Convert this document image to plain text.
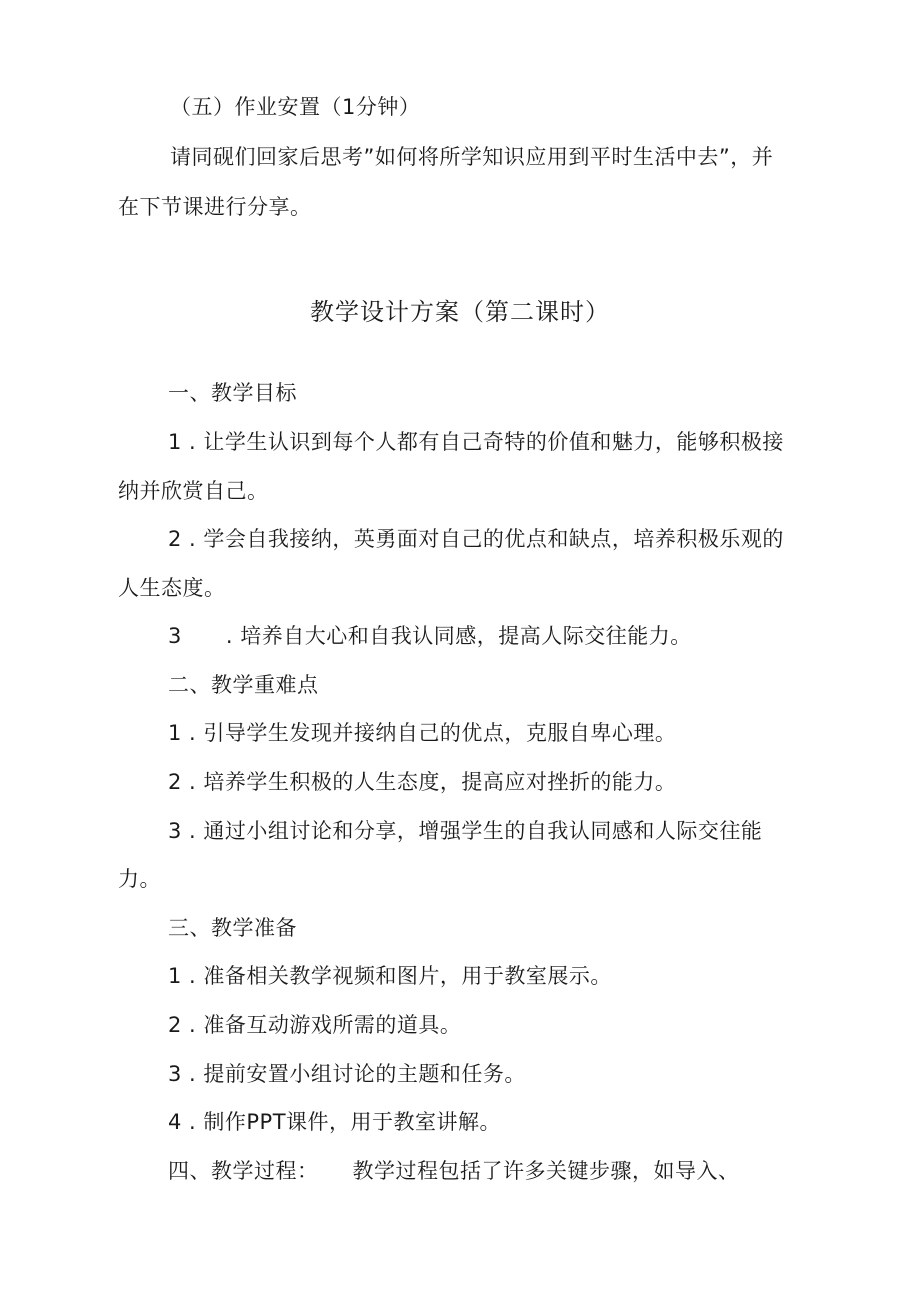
（五）作业安置（1分钟）
请同砚们回家后思考”如何将所学知识应用到平时生活中去”，并
在下节课进行分享。
教学设计方案（第二课时）
一、教学目标
1 . 让学生认识到每个人都有自己奇特的价值和魅力，能够积极接
纳并欣赏自己。
2 . 学会自我接纳，英勇面对自己的优点和缺点，培养积极乐观的
人生态度。
3 . 培养自大心和自我认同感，提高人际交往能力。
二、教学重难点
1 . 引导学生发现并接纳自己的优点，克服自卑心理。
2 . 培养学生积极的人生态度，提高应对挫折的能力。
3 . 通过小组讨论和分享，增强学生的自我认同感和人际交往能
力。
三、教学准备
1 . 准备相关教学视频和图片，用于教室展示。
2 . 准备互动游戏所需的道具。
3 . 提前安置小组讨论的主题和任务。
4 . 制作PPT课件，用于教室讲解。
四、教学过程： 教学过程包括了许多关键步骤，如导入、
